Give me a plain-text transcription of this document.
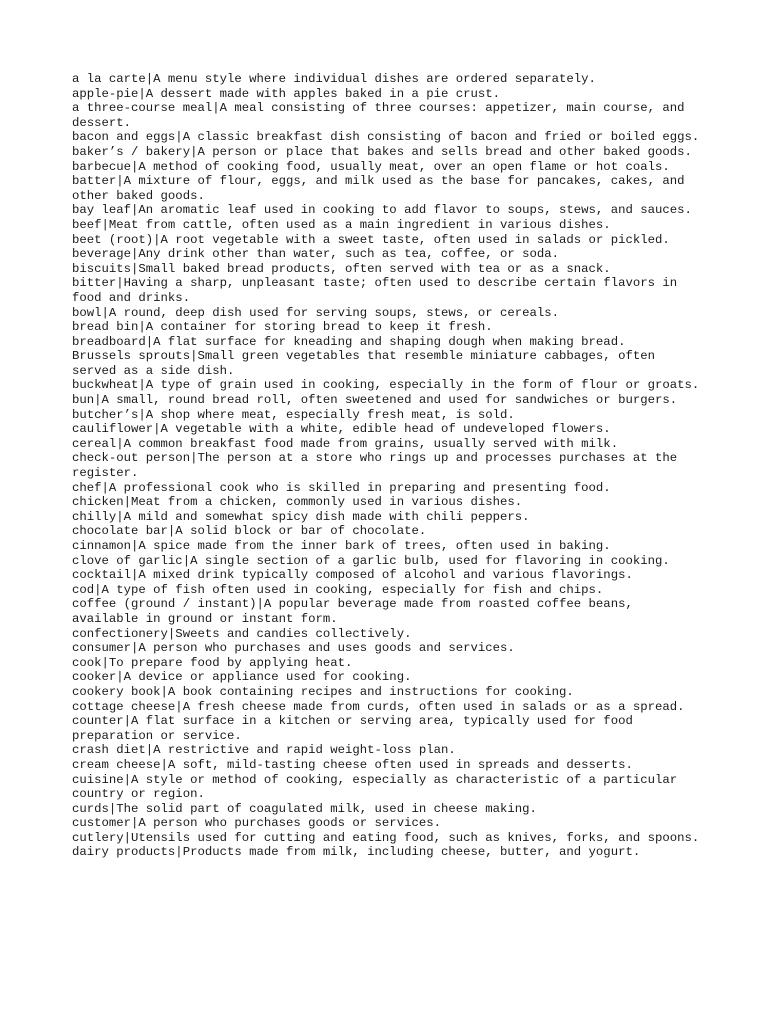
a la carte|A menu style where individual dishes are ordered separately.
apple-pie|A dessert made with apples baked in a pie crust.
a three-course meal|A meal consisting of three courses: appetizer, main course, and dessert.
bacon and eggs|A classic breakfast dish consisting of bacon and fried or boiled eggs.
baker’s / bakery|A person or place that bakes and sells bread and other baked goods.
barbecue|A method of cooking food, usually meat, over an open flame or hot coals.
batter|A mixture of flour, eggs, and milk used as the base for pancakes, cakes, and other baked goods.
bay leaf|An aromatic leaf used in cooking to add flavor to soups, stews, and sauces.
beef|Meat from cattle, often used as a main ingredient in various dishes.
beet (root)|A root vegetable with a sweet taste, often used in salads or pickled.
beverage|Any drink other than water, such as tea, coffee, or soda.
biscuits|Small baked bread products, often served with tea or as a snack.
bitter|Having a sharp, unpleasant taste; often used to describe certain flavors in food and drinks.
bowl|A round, deep dish used for serving soups, stews, or cereals.
bread bin|A container for storing bread to keep it fresh.
breadboard|A flat surface for kneading and shaping dough when making bread.
Brussels sprouts|Small green vegetables that resemble miniature cabbages, often served as a side dish.
buckwheat|A type of grain used in cooking, especially in the form of flour or groats.
bun|A small, round bread roll, often sweetened and used for sandwiches or burgers.
butcher’s|A shop where meat, especially fresh meat, is sold.
cauliflower|A vegetable with a white, edible head of undeveloped flowers.
cereal|A common breakfast food made from grains, usually served with milk.
check-out person|The person at a store who rings up and processes purchases at the register.
chef|A professional cook who is skilled in preparing and presenting food.
chicken|Meat from a chicken, commonly used in various dishes.
chilly|A mild and somewhat spicy dish made with chili peppers.
chocolate bar|A solid block or bar of chocolate.
cinnamon|A spice made from the inner bark of trees, often used in baking.
clove of garlic|A single section of a garlic bulb, used for flavoring in cooking.
cocktail|A mixed drink typically composed of alcohol and various flavorings.
cod|A type of fish often used in cooking, especially for fish and chips.
coffee (ground / instant)|A popular beverage made from roasted coffee beans, available in ground or instant form.
confectionery|Sweets and candies collectively.
consumer|A person who purchases and uses goods and services.
cook|To prepare food by applying heat.
cooker|A device or appliance used for cooking.
cookery book|A book containing recipes and instructions for cooking.
cottage cheese|A fresh cheese made from curds, often used in salads or as a spread.
counter|A flat surface in a kitchen or serving area, typically used for food preparation or service.
crash diet|A restrictive and rapid weight-loss plan.
cream cheese|A soft, mild-tasting cheese often used in spreads and desserts.
cuisine|A style or method of cooking, especially as characteristic of a particular country or region.
curds|The solid part of coagulated milk, used in cheese making.
customer|A person who purchases goods or services.
cutlery|Utensils used for cutting and eating food, such as knives, forks, and spoons.
dairy products|Products made from milk, including cheese, butter, and yogurt.
